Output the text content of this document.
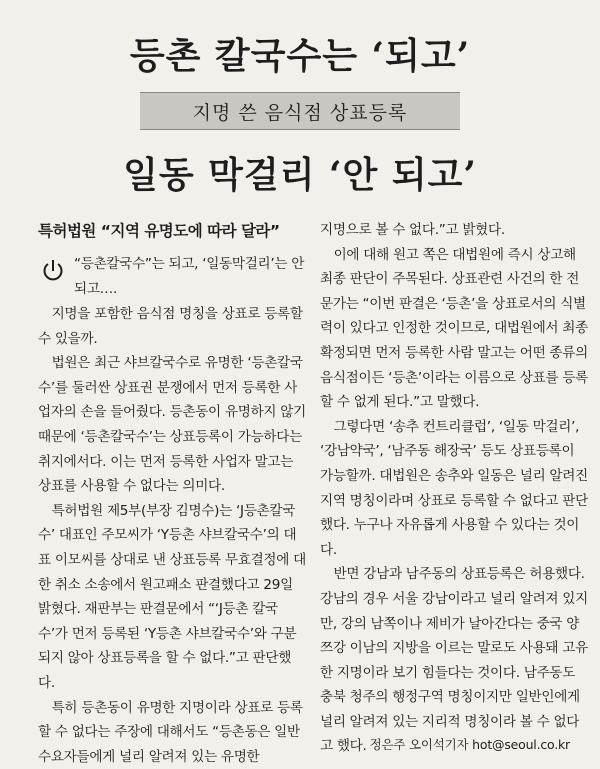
등촌 칼국수는 ‘되고’
지명 쓴 음식점 상표등록
일동 막걸리 ‘안 되고’
특허법원 “지역 유명도에 따라 달라”

“등촌칼국수”는 되고, ‘일동막걸리’는 안 되고….

지명을 포함한 음식점 명칭을 상표로 등록할 수 있을까.

법원은 최근 샤브칼국수로 유명한 ‘등촌칼국수’를 둘러싼 상표권 분쟁에서 먼저 등록한 사업자의 손을 들어줬다. 등촌동이 유명하지 않기 때문에 ‘등촌칼국수’는 상표등록이 가능하다는 취지에서다. 이는 먼저 등록한 사업자 말고는 상표를 사용할 수 없다는 의미다.

특허법원 제5부(부장 김명수)는 ‘J등촌칼국수’ 대표인 주모씨가 ‘Y등촌 샤브칼국수’의 대표 이모씨를 상대로 낸 상표등록 무효결정에 대한 취소 소송에서 원고패소 판결했다고 29일 밝혔다. 재판부는 판결문에서 “‘J등촌 칼국수’가 먼저 등록된 ‘Y등촌 샤브칼국수’와 구분되지 않아 상표등록을 할 수 없다.”고 판단했다.

특히 등촌동이 유명한 지명이라 상표로 등록할 수 없다는 주장에 대해서도 “등촌동은 일반 수요자들에게 널리 알려져 있는 유명한

지명으로 볼 수 없다.”고 밝혔다.

이에 대해 원고 쪽은 대법원에 즉시 상고해 최종 판단이 주목된다. 상표관련 사건의 한 전문가는 “이번 판결은 ‘등촌’을 상표로서의 식별력이 있다고 인정한 것이므로, 대법원에서 최종 확정되면 먼저 등록한 사람 말고는 어떤 종류의 음식점이든 ‘등촌’이라는 이름으로 상표를 등록할 수 없게 된다.”고 말했다.

그렇다면 ‘송추 컨트리클럽’, ‘일동 막걸리’, ‘강남약국’, ‘남주동 해장국’ 등도 상표등록이 가능할까. 대법원은 송추와 일동은 널리 알려진 지역 명칭이라며 상표로 등록할 수 없다고 판단했다. 누구나 자유롭게 사용할 수 있다는 것이다.

반면 강남과 남주동의 상표등록은 허용했다. 강남의 경우 서울 강남이라고 널리 알려져 있지만, 강의 남쪽이나 제비가 날아간다는 중국 양쯔강 이남의 지방을 이르는 말로도 사용돼 고유한 지명이라 보기 힘들다는 것이다. 남주동도 충북 청주의 행정구역 명칭이지만 일반인에게 널리 알려져 있는 지리적 명칭이라 볼 수 없다고 했다. 정은주 오이석기자 hot@seoul.co.kr
